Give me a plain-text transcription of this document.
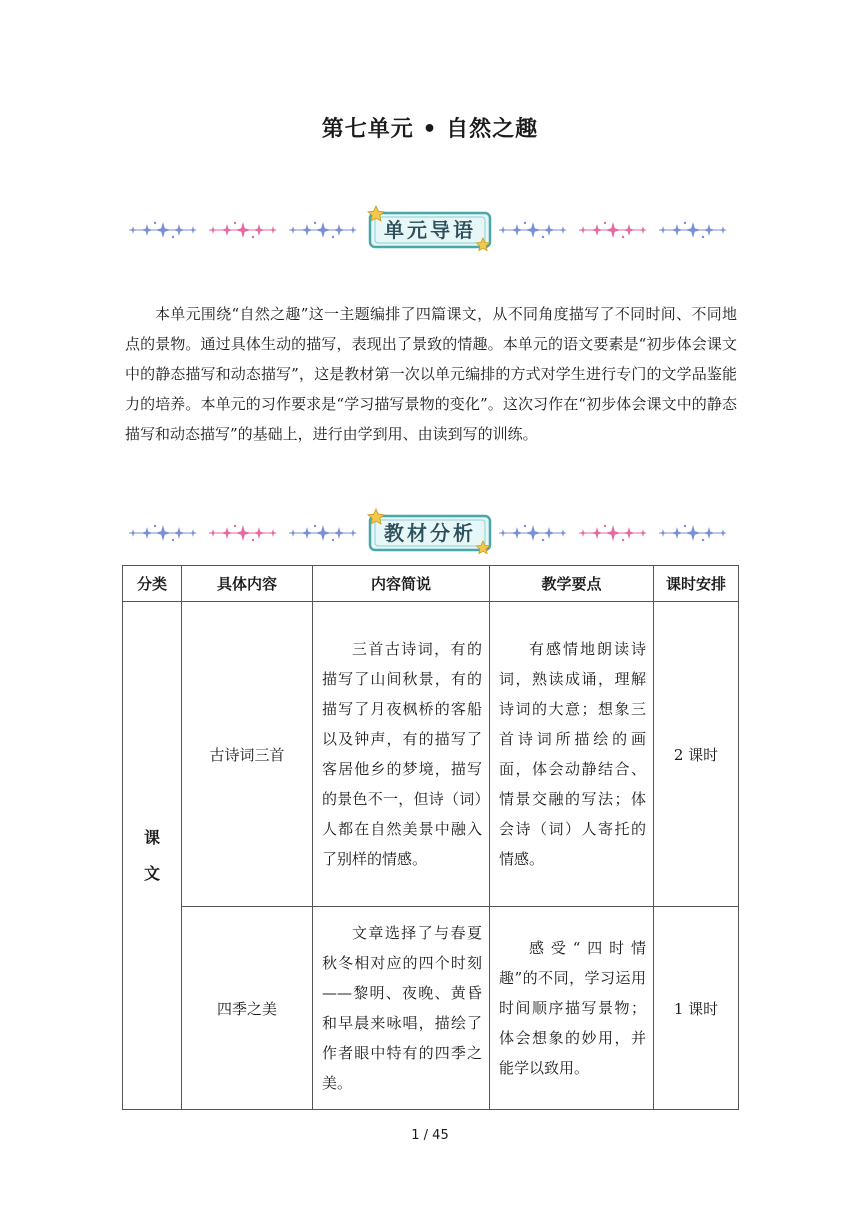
第七单元 • 自然之趣
单元导语

本单元围绕“自然之趣”这一主题编排了四篇课文，从不同角度描写了不同时间、不同地点的景物。通过具体生动的描写，表现出了景致的情趣。本单元的语文要素是“初步体会课文中的静态描写和动态描写”，这是教材第一次以单元编排的方式对学生进行专门的文学品鉴能力的培养。本单元的习作要求是“学习描写景物的变化”。这次习作在“初步体会课文中的静态描写和动态描写”的基础上，进行由学到用、由读到写的训练。

教材分析
分类	具体内容	内容简说	教学要点	课时安排

课
文	古诗词三首	三首古诗词，有的描写了山间秋景，有的描写了月夜枫桥的客船以及钟声，有的描写了客居他乡的梦境，描写的景色不一，但诗（词）人都在自然美景中融入了别样的情感。	有感情地朗读诗词，熟读成诵，理解诗词的大意；想象三首诗词所描绘的画面，体会动静结合、情景交融的写法；体会诗（词）人寄托的情感。	2 课时
	四季之美	文章选择了与春夏秋冬相对应的四个时刻——黎明、夜晚、黄昏和早晨来咏唱，描绘了作者眼中特有的四季之美。	感受“四时情趣”的不同，学习运用时间顺序描写景物；体会想象的妙用，并能学以致用。	1 课时
1 / 45
